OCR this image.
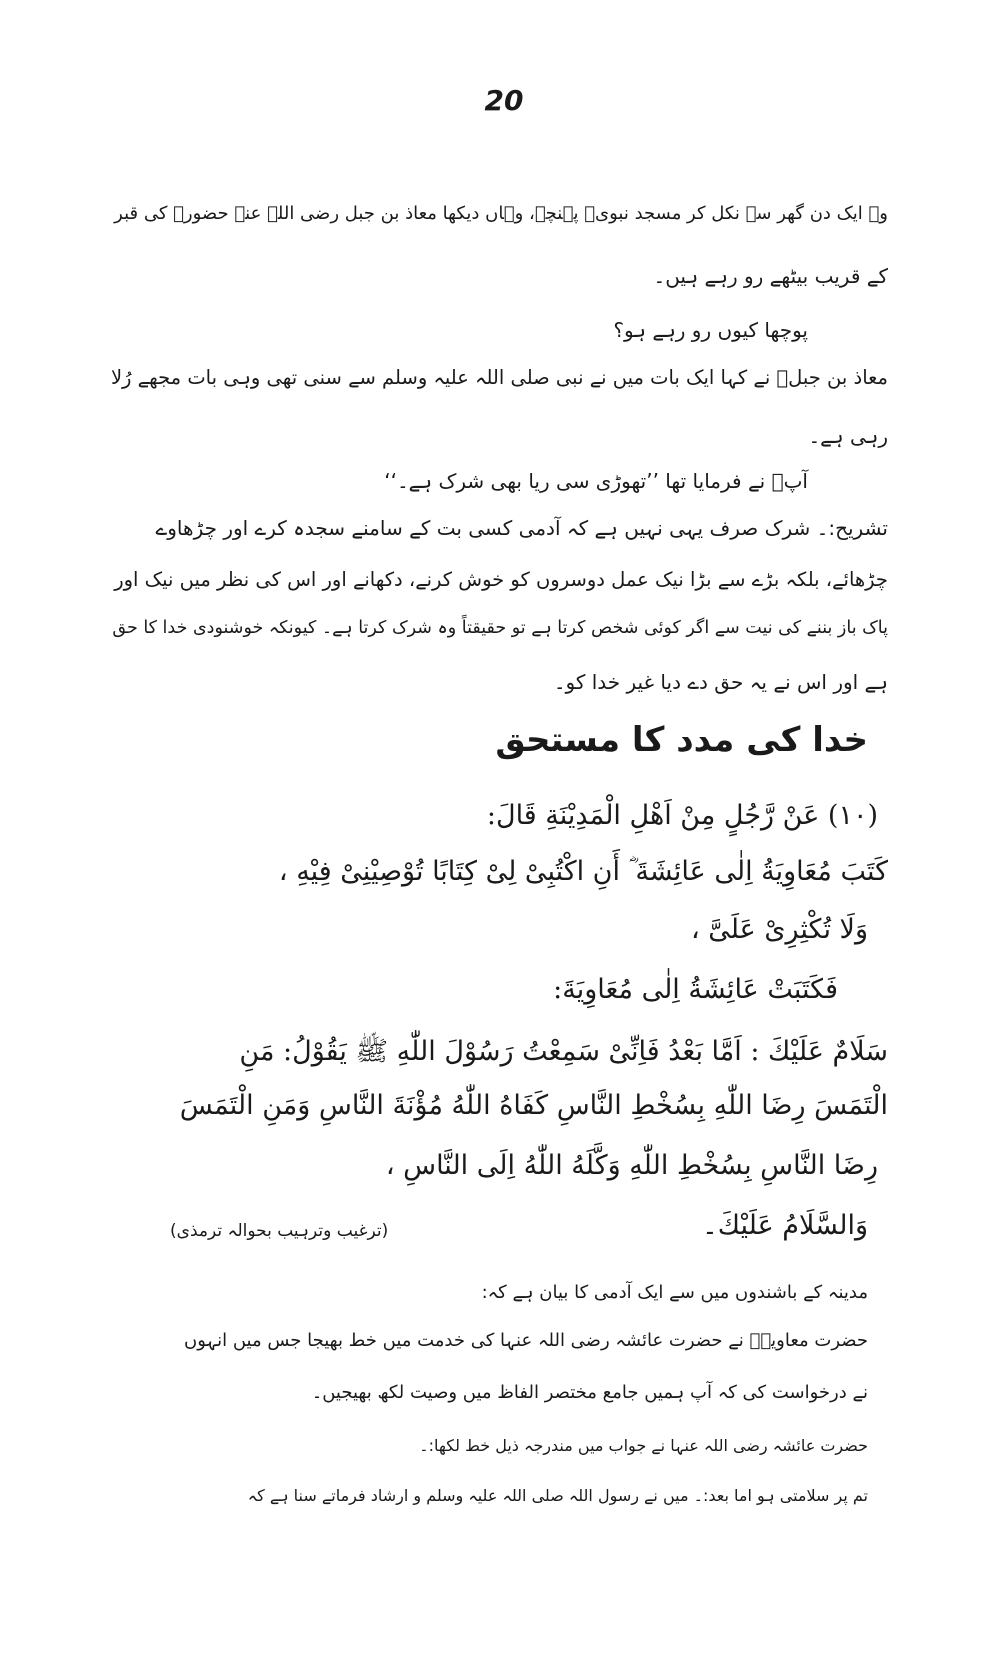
20
وہ ایک دن گھر سے نکل کر مسجد نبویؐ پہنچے، وہاں دیکھا معاذ بن جبل رضی اللہ عنہ حضورؐ کی قبر
کے قریب بیٹھے رو رہے ہیں۔
پوچھا کیوں رو رہے ہو؟
معاذ بن جبلؓ نے کہا ایک بات میں نے نبی صلی اللہ علیہ وسلم سے سنی تھی وہی بات مجھے رُلا
رہی ہے۔
آپؐ نے فرمایا تھا ’’تھوڑی سی ریا بھی شرک ہے۔‘‘
تشریح:۔ شرک صرف یہی نہیں ہے کہ آدمی کسی بت کے سامنے سجدہ کرے اور چڑھاوے
چڑھائے، بلکہ بڑے سے بڑا نیک عمل دوسروں کو خوش کرنے، دکھانے اور اس کی نظر میں نیک اور
پاک باز بننے کی نیت سے اگر کوئی شخص کرتا ہے تو حقیقتاً وہ شرک کرتا ہے۔ کیونکہ خوشنودی خدا کا حق
ہے اور اس نے یہ حق دے دیا غیر خدا کو۔
خدا کی مدد کا مستحق
(۱۰) عَنْ رَّجُلٍ مِنْ اَهْلِ الْمَدِيْنَةِ قَالَ:
كَتَبَ مُعَاوِيَةُ اِلٰى عَائِشَةَ ؓ أَنِ اكْتُبِىْ لِىْ كِتَابًا تُوْصِيْنِىْ فِيْهِ ،
وَلَا تُكْثِرِىْ عَلَىَّ ،
فَكَتَبَتْ عَائِشَةُ اِلٰى مُعَاوِيَةَ:
سَلَامٌ عَلَيْكَ : اَمَّا بَعْدُ فَاِنِّىْ سَمِعْتُ رَسُوْلَ اللّٰهِ ﷺ يَقُوْلُ: مَنِ
الْتَمَسَ رِضَا اللّٰهِ بِسُخْطِ النَّاسِ كَفَاهُ اللّٰهُ مُؤْنَةَ النَّاسِ وَمَنِ الْتَمَسَ
رِضَا النَّاسِ بِسُخْطِ اللّٰهِ وَكَّلَهُ اللّٰهُ اِلَى النَّاسِ ،
وَالسَّلَامُ عَلَيْكَ۔
(ترغیب وترہیب بحوالہ ترمذی)
مدینہ کے باشندوں میں سے ایک آدمی کا بیان ہے کہ:
حضرت معاویہؓ نے حضرت عائشہ رضی اللہ عنہا کی خدمت میں خط بھیجا جس میں انہوں
نے درخواست کی کہ آپ ہمیں جامع مختصر الفاظ میں وصیت لکھ بھیجیں۔
حضرت عائشہ رضی اللہ عنہا نے جواب میں مندرجہ ذیل خط لکھا:۔
تم پر سلامتی ہو اما بعد:۔ میں نے رسول اللہ صلی اللہ علیہ وسلم و ارشاد فرماتے سنا ہے کہ
